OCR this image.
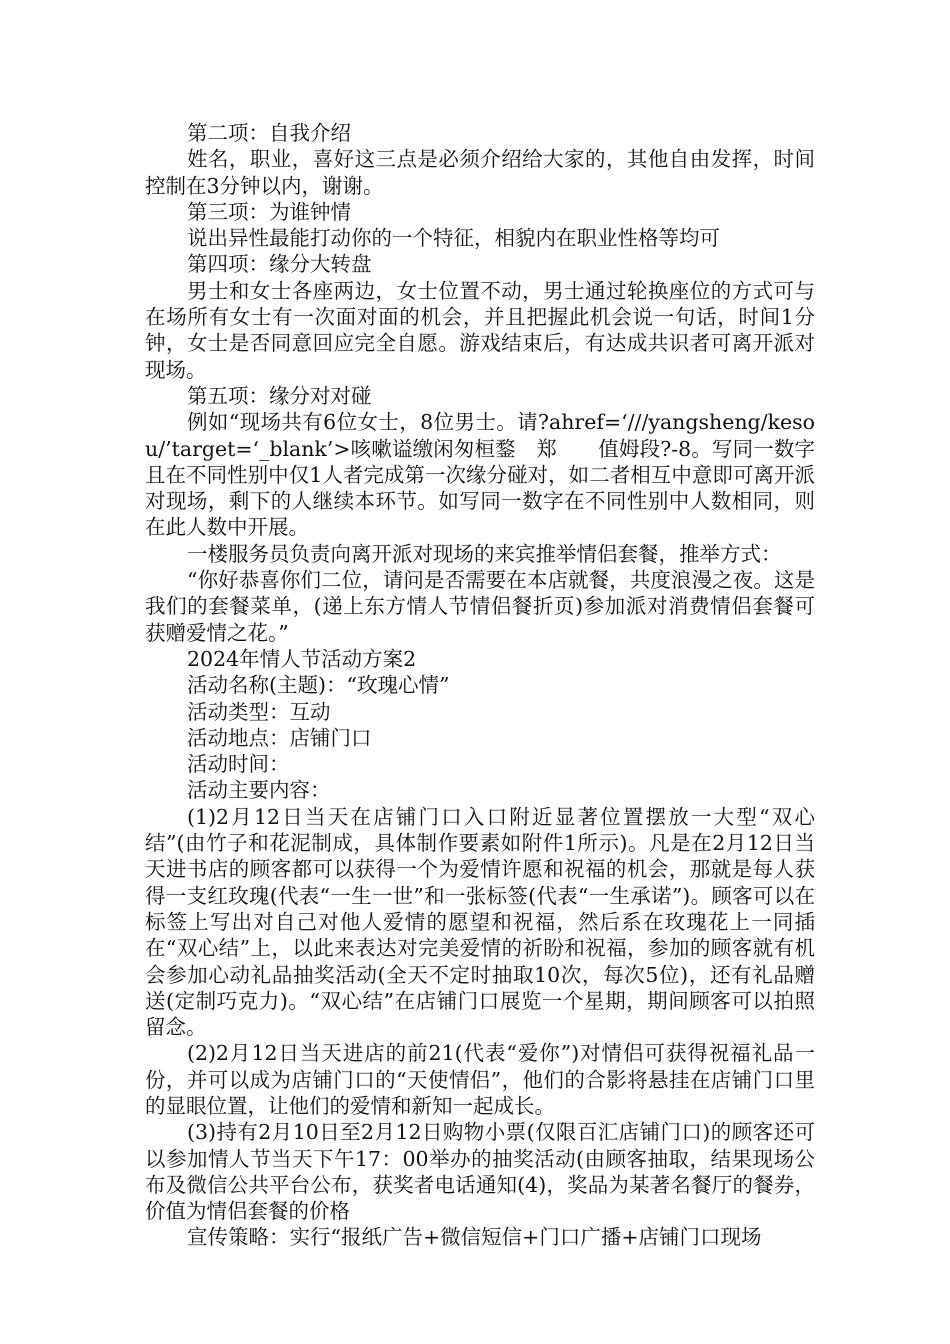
第二项：自我介绍

姓名，职业，喜好这三点是必须介绍给大家的，其他自由发挥，时间控制在3分钟以内，谢谢。

第三项：为谁钟情

说出异性最能打动你的一个特征，相貌内在职业性格等均可

第四项：缘分大转盘

男士和女士各座两边，女士位置不动，男士通过轮换座位的方式可与在场所有女士有一次面对面的机会，并且把握此机会说一句话，时间1分钟，女士是否同意回应完全自愿。游戏结束后，有达成共识者可离开派对现场。

第五项：缘分对对碰

例如“现场共有6位女士，8位男士。请?ahref=‘///yangsheng/kesou/’target=‘_blank’>咳嗽谥缴闲匆桓鍪　郑　　值姆段?-8。写同一数字且在不同性别中仅1人者完成第一次缘分碰对，如二者相互中意即可离开派对现场，剩下的人继续本环节。如写同一数字在不同性别中人数相同，则在此人数中开展。

一楼服务员负责向离开派对现场的来宾推举情侣套餐，推举方式：

“你好恭喜你们二位，请问是否需要在本店就餐，共度浪漫之夜。这是我们的套餐菜单，(递上东方情人节情侣餐折页)参加派对消费情侣套餐可获赠爱情之花。”

2024年情人节活动方案2

活动名称(主题)：“玫瑰心情”

活动类型：互动

活动地点：店铺门口

活动时间：

活动主要内容：

(1)2月12日当天在店铺门口入口附近显著位置摆放一大型“双心结”(由竹子和花泥制成，具体制作要素如附件1所示)。凡是在2月12日当天进书店的顾客都可以获得一个为爱情许愿和祝福的机会，那就是每人获得一支红玫瑰(代表“一生一世”和一张标签(代表“一生承诺”)。顾客可以在标签上写出对自己对他人爱情的愿望和祝福，然后系在玫瑰花上一同插在“双心结”上，以此来表达对完美爱情的祈盼和祝福，参加的顾客就有机会参加心动礼品抽奖活动(全天不定时抽取10次，每次5位)，还有礼品赠送(定制巧克力)。“双心结”在店铺门口展览一个星期，期间顾客可以拍照留念。

(2)2月12日当天进店的前21(代表“爱你”)对情侣可获得祝福礼品一份，并可以成为店铺门口的“天使情侣”，他们的合影将悬挂在店铺门口里的显眼位置，让他们的爱情和新知一起成长。

(3)持有2月10日至2月12日购物小票(仅限百汇店铺门口)的顾客还可以参加情人节当天下午17：00举办的抽奖活动(由顾客抽取，结果现场公布及微信公共平台公布，获奖者电话通知(4)，奖品为某著名餐厅的餐券，价值为情侣套餐的价格

宣传策略：实行“报纸广告+微信短信+门口广播+店铺门口现场
